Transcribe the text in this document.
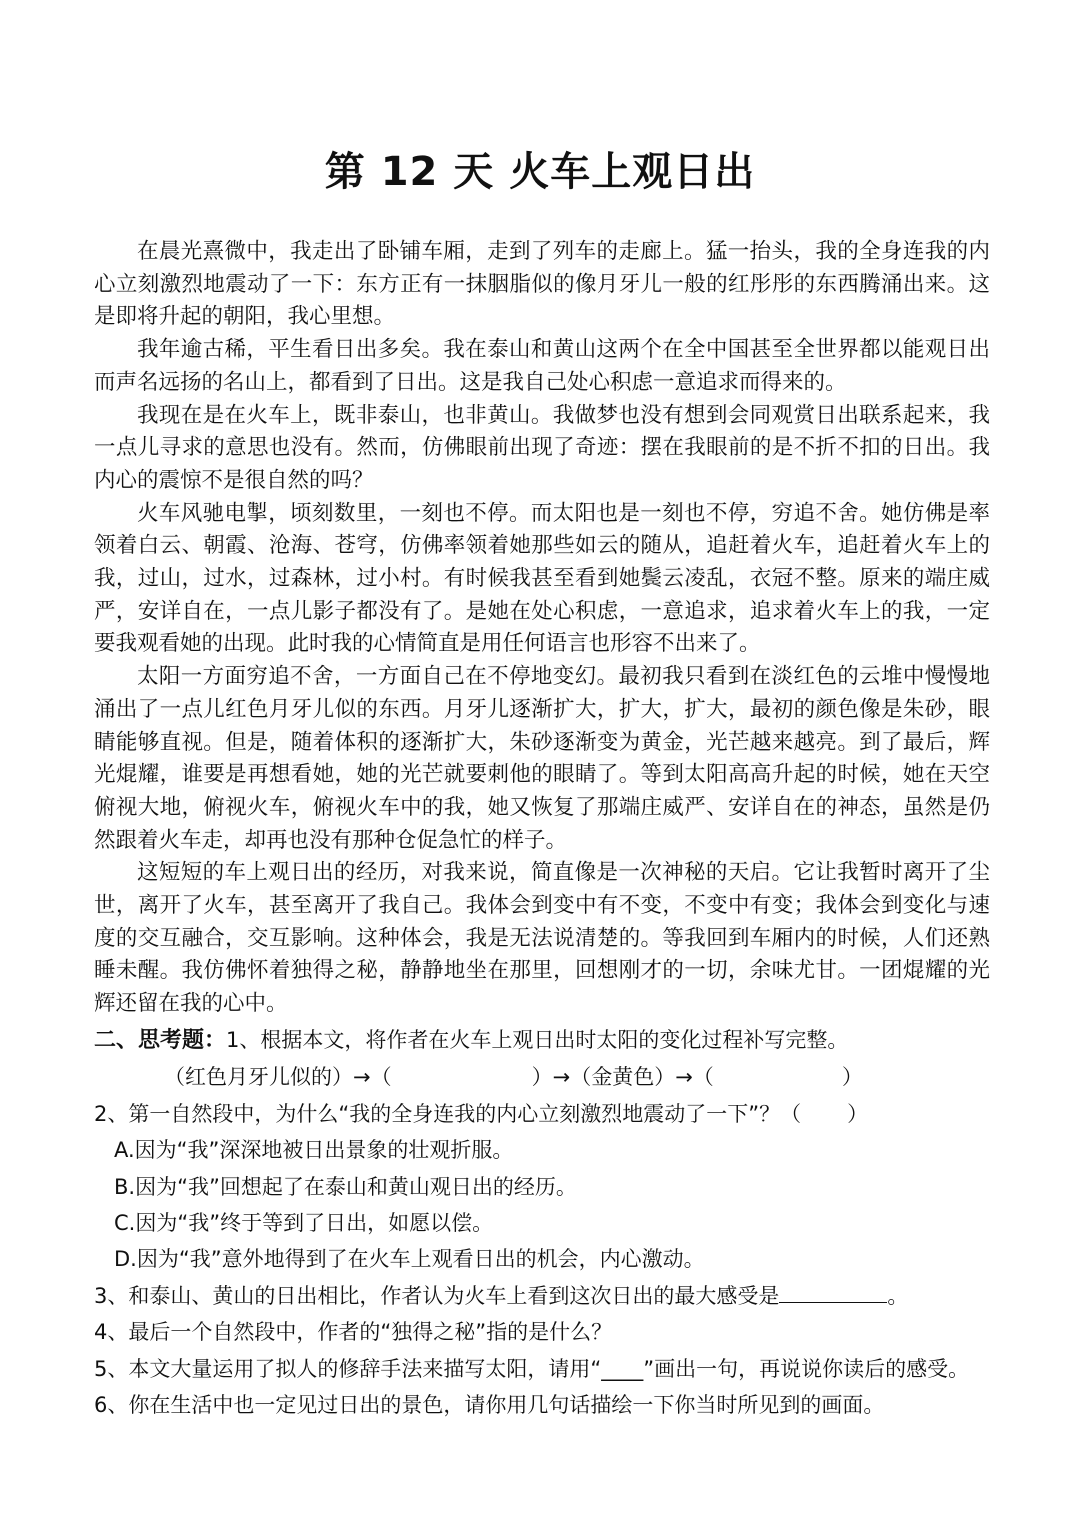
第 12 天 火车上观日出

在晨光熹微中，我走出了卧铺车厢，走到了列车的走廊上。猛一抬头，我的全身连我的内心立刻激烈地震动了一下：东方正有一抹胭脂似的像月牙儿一般的红彤彤的东西腾涌出来。这是即将升起的朝阳，我心里想。

我年逾古稀，平生看日出多矣。我在泰山和黄山这两个在全中国甚至全世界都以能观日出而声名远扬的名山上，都看到了日出。这是我自己处心积虑一意追求而得来的。

我现在是在火车上，既非泰山，也非黄山。我做梦也没有想到会同观赏日出联系起来，我一点儿寻求的意思也没有。然而，仿佛眼前出现了奇迹：摆在我眼前的是不折不扣的日出。我内心的震惊不是很自然的吗？

火车风驰电掣，顷刻数里，一刻也不停。而太阳也是一刻也不停，穷追不舍。她仿佛是率领着白云、朝霞、沧海、苍穹，仿佛率领着她那些如云的随从，追赶着火车，追赶着火车上的我，过山，过水，过森林，过小村。有时候我甚至看到她鬓云凌乱，衣冠不整。原来的端庄威严，安详自在，一点儿影子都没有了。是她在处心积虑，一意追求，追求着火车上的我，一定要我观看她的出现。此时我的心情简直是用任何语言也形容不出来了。

太阳一方面穷追不舍，一方面自己在不停地变幻。最初我只看到在淡红色的云堆中慢慢地涌出了一点儿红色月牙儿似的东西。月牙儿逐渐扩大，扩大，扩大，最初的颜色像是朱砂，眼睛能够直视。但是，随着体积的逐渐扩大，朱砂逐渐变为黄金，光芒越来越亮。到了最后，辉光焜耀，谁要是再想看她，她的光芒就要刺他的眼睛了。等到太阳高高升起的时候，她在天空俯视大地，俯视火车，俯视火车中的我，她又恢复了那端庄威严、安详自在的神态，虽然是仍然跟着火车走，却再也没有那种仓促急忙的样子。

这短短的车上观日出的经历，对我来说，简直像是一次神秘的天启。它让我暂时离开了尘世，离开了火车，甚至离开了我自己。我体会到变中有不变，不变中有变；我体会到变化与速度的交互融合，交互影响。这种体会，我是无法说清楚的。等我回到车厢内的时候，人们还熟睡未醒。我仿佛怀着独得之秘，静静地坐在那里，回想刚才的一切，余味尤甘。一团焜耀的光辉还留在我的心中。

二、思考题：1、根据本文，将作者在火车上观日出时太阳的变化过程补写完整。
（红色月牙儿似的）→（	）→（金黄色）→（	）
2、第一自然段中，为什么“我的全身连我的内心立刻激烈地震动了一下”？（ ）
A.因为“我”深深地被日出景象的壮观折服。
B.因为“我”回想起了在泰山和黄山观日出的经历。
C.因为“我”终于等到了日出，如愿以偿。
D.因为“我”意外地得到了在火车上观看日出的机会，内心激动。
3、和泰山、黄山的日出相比，作者认为火车上看到这次日出的最大感受是	。
4、最后一个自然段中，作者的“独得之秘”指的是什么？
5、本文大量运用了拟人的修辞手法来描写太阳，请用“____”画出一句，再说说你读后的感受。
6、你在生活中也一定见过日出的景色，请你用几句话描绘一下你当时所见到的画面。
